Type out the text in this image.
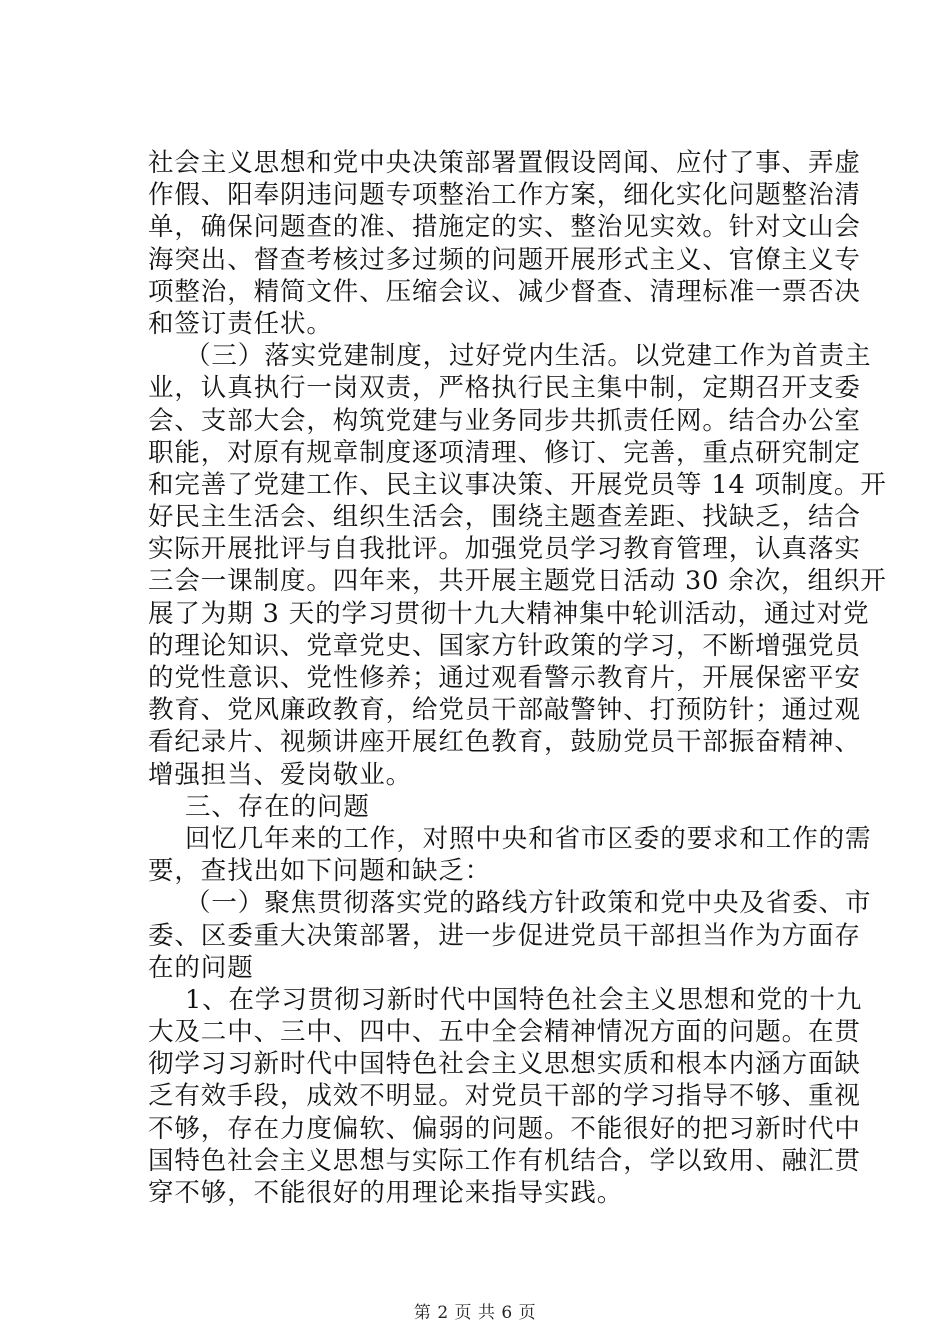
社会主义思想和党中央决策部署置假设罔闻、应付了事、弄虚
作假、阳奉阴违问题专项整治工作方案，细化实化问题整治清
单，确保问题查的准、措施定的实、整治见实效。针对文山会
海突出、督查考核过多过频的问题开展形式主义、官僚主义专
项整治，精简文件、压缩会议、减少督查、清理标准一票否决
和签订责任状。
（三）落实党建制度，过好党内生活。以党建工作为首责主
业，认真执行一岗双责，严格执行民主集中制，定期召开支委
会、支部大会，构筑党建与业务同步共抓责任网。结合办公室
职能，对原有规章制度逐项清理、修订、完善，重点研究制定
和完善了党建工作、民主议事决策、开展党员等 14 项制度。开
好民主生活会、组织生活会，围绕主题查差距、找缺乏，结合
实际开展批评与自我批评。加强党员学习教育管理，认真落实
三会一课制度。四年来，共开展主题党日活动 30 余次，组织开
展了为期 3 天的学习贯彻十九大精神集中轮训活动，通过对党
的理论知识、党章党史、国家方针政策的学习，不断增强党员
的党性意识、党性修养；通过观看警示教育片，开展保密平安
教育、党风廉政教育，给党员干部敲警钟、打预防针；通过观
看纪录片、视频讲座开展红色教育，鼓励党员干部振奋精神、
增强担当、爱岗敬业。
三、存在的问题
回忆几年来的工作，对照中央和省市区委的要求和工作的需
要，查找出如下问题和缺乏：
（一）聚焦贯彻落实党的路线方针政策和党中央及省委、市
委、区委重大决策部署，进一步促进党员干部担当作为方面存
在的问题
1、在学习贯彻习新时代中国特色社会主义思想和党的十九
大及二中、三中、四中、五中全会精神情况方面的问题。在贯
彻学习习新时代中国特色社会主义思想实质和根本内涵方面缺
乏有效手段，成效不明显。对党员干部的学习指导不够、重视
不够，存在力度偏软、偏弱的问题。不能很好的把习新时代中
国特色社会主义思想与实际工作有机结合，学以致用、融汇贯
穿不够，不能很好的用理论来指导实践。
第 2 页 共 6 页
